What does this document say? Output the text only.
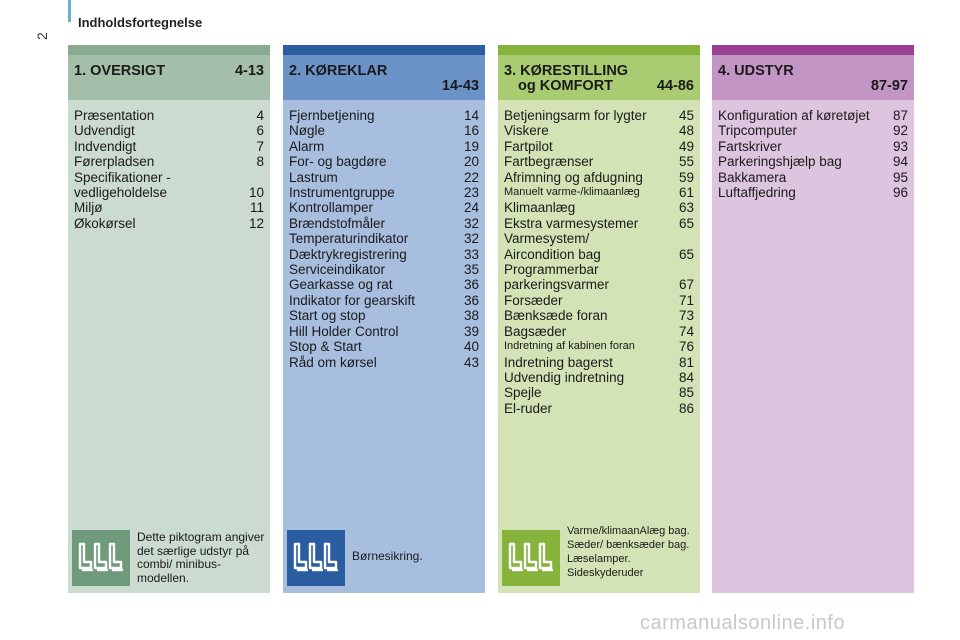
2
Indholdsfortegnelse
1. OVERSIGT	4-13
Præsentation	4
Udvendigt	6
Indvendigt	7
Førerpladsen	8
Specifikationer -
vedligeholdelse	10
Miljø	11
Økokørsel	12
Dette piktogram angiver det særlige udstyr på combi/ minibus-modellen.
2. KØREKLAR
14-43
Fjernbetjening	14
Nøgle	16
Alarm	19
For- og bagdøre	20
Lastrum	22
Instrumentgruppe	23
Kontrollamper	24
Brændstofmåler	32
Temperaturindikator	32
Dæktrykregistrering	33
Serviceindikator	35
Gearkasse og rat	36
Indikator for gearskift	36
Start og stop	38
Hill Holder Control	39
Stop & Start	40
Råd om kørsel	43
Børnesikring.
3. KØRESTILLING
og KOMFORT	44-86
Betjeningsarm for lygter 45
Viskere	48
Fartpilot	49
Fartbegrænser	55
Afrimning og afdugning	59
Manuelt varme-/klimaanlæg	61
Klimaanlæg	63
Ekstra varmesystemer	65
Varmesystem/
Aircondition bag	65
Programmerbar
parkeringsvarmer	67
Forsæder	71
Bænksæde foran	73
Bagsæder	74
Indretning af kabinen foran	76
Indretning bagerst	81
Udvendig indretning	84
Spejle	85
El-ruder	86
Varme/klimaanAlæg bag. Sæder/ bænksæder bag. Læselamper. Sideskyderuder
4. UDSTYR
87-97
Konfiguration af køretøjet 87
Tripcomputer	92
Fartskriver	93
Parkeringshjælp bag	94
Bakkamera	95
Luftaffjedring	96
carmanualsonline.info
